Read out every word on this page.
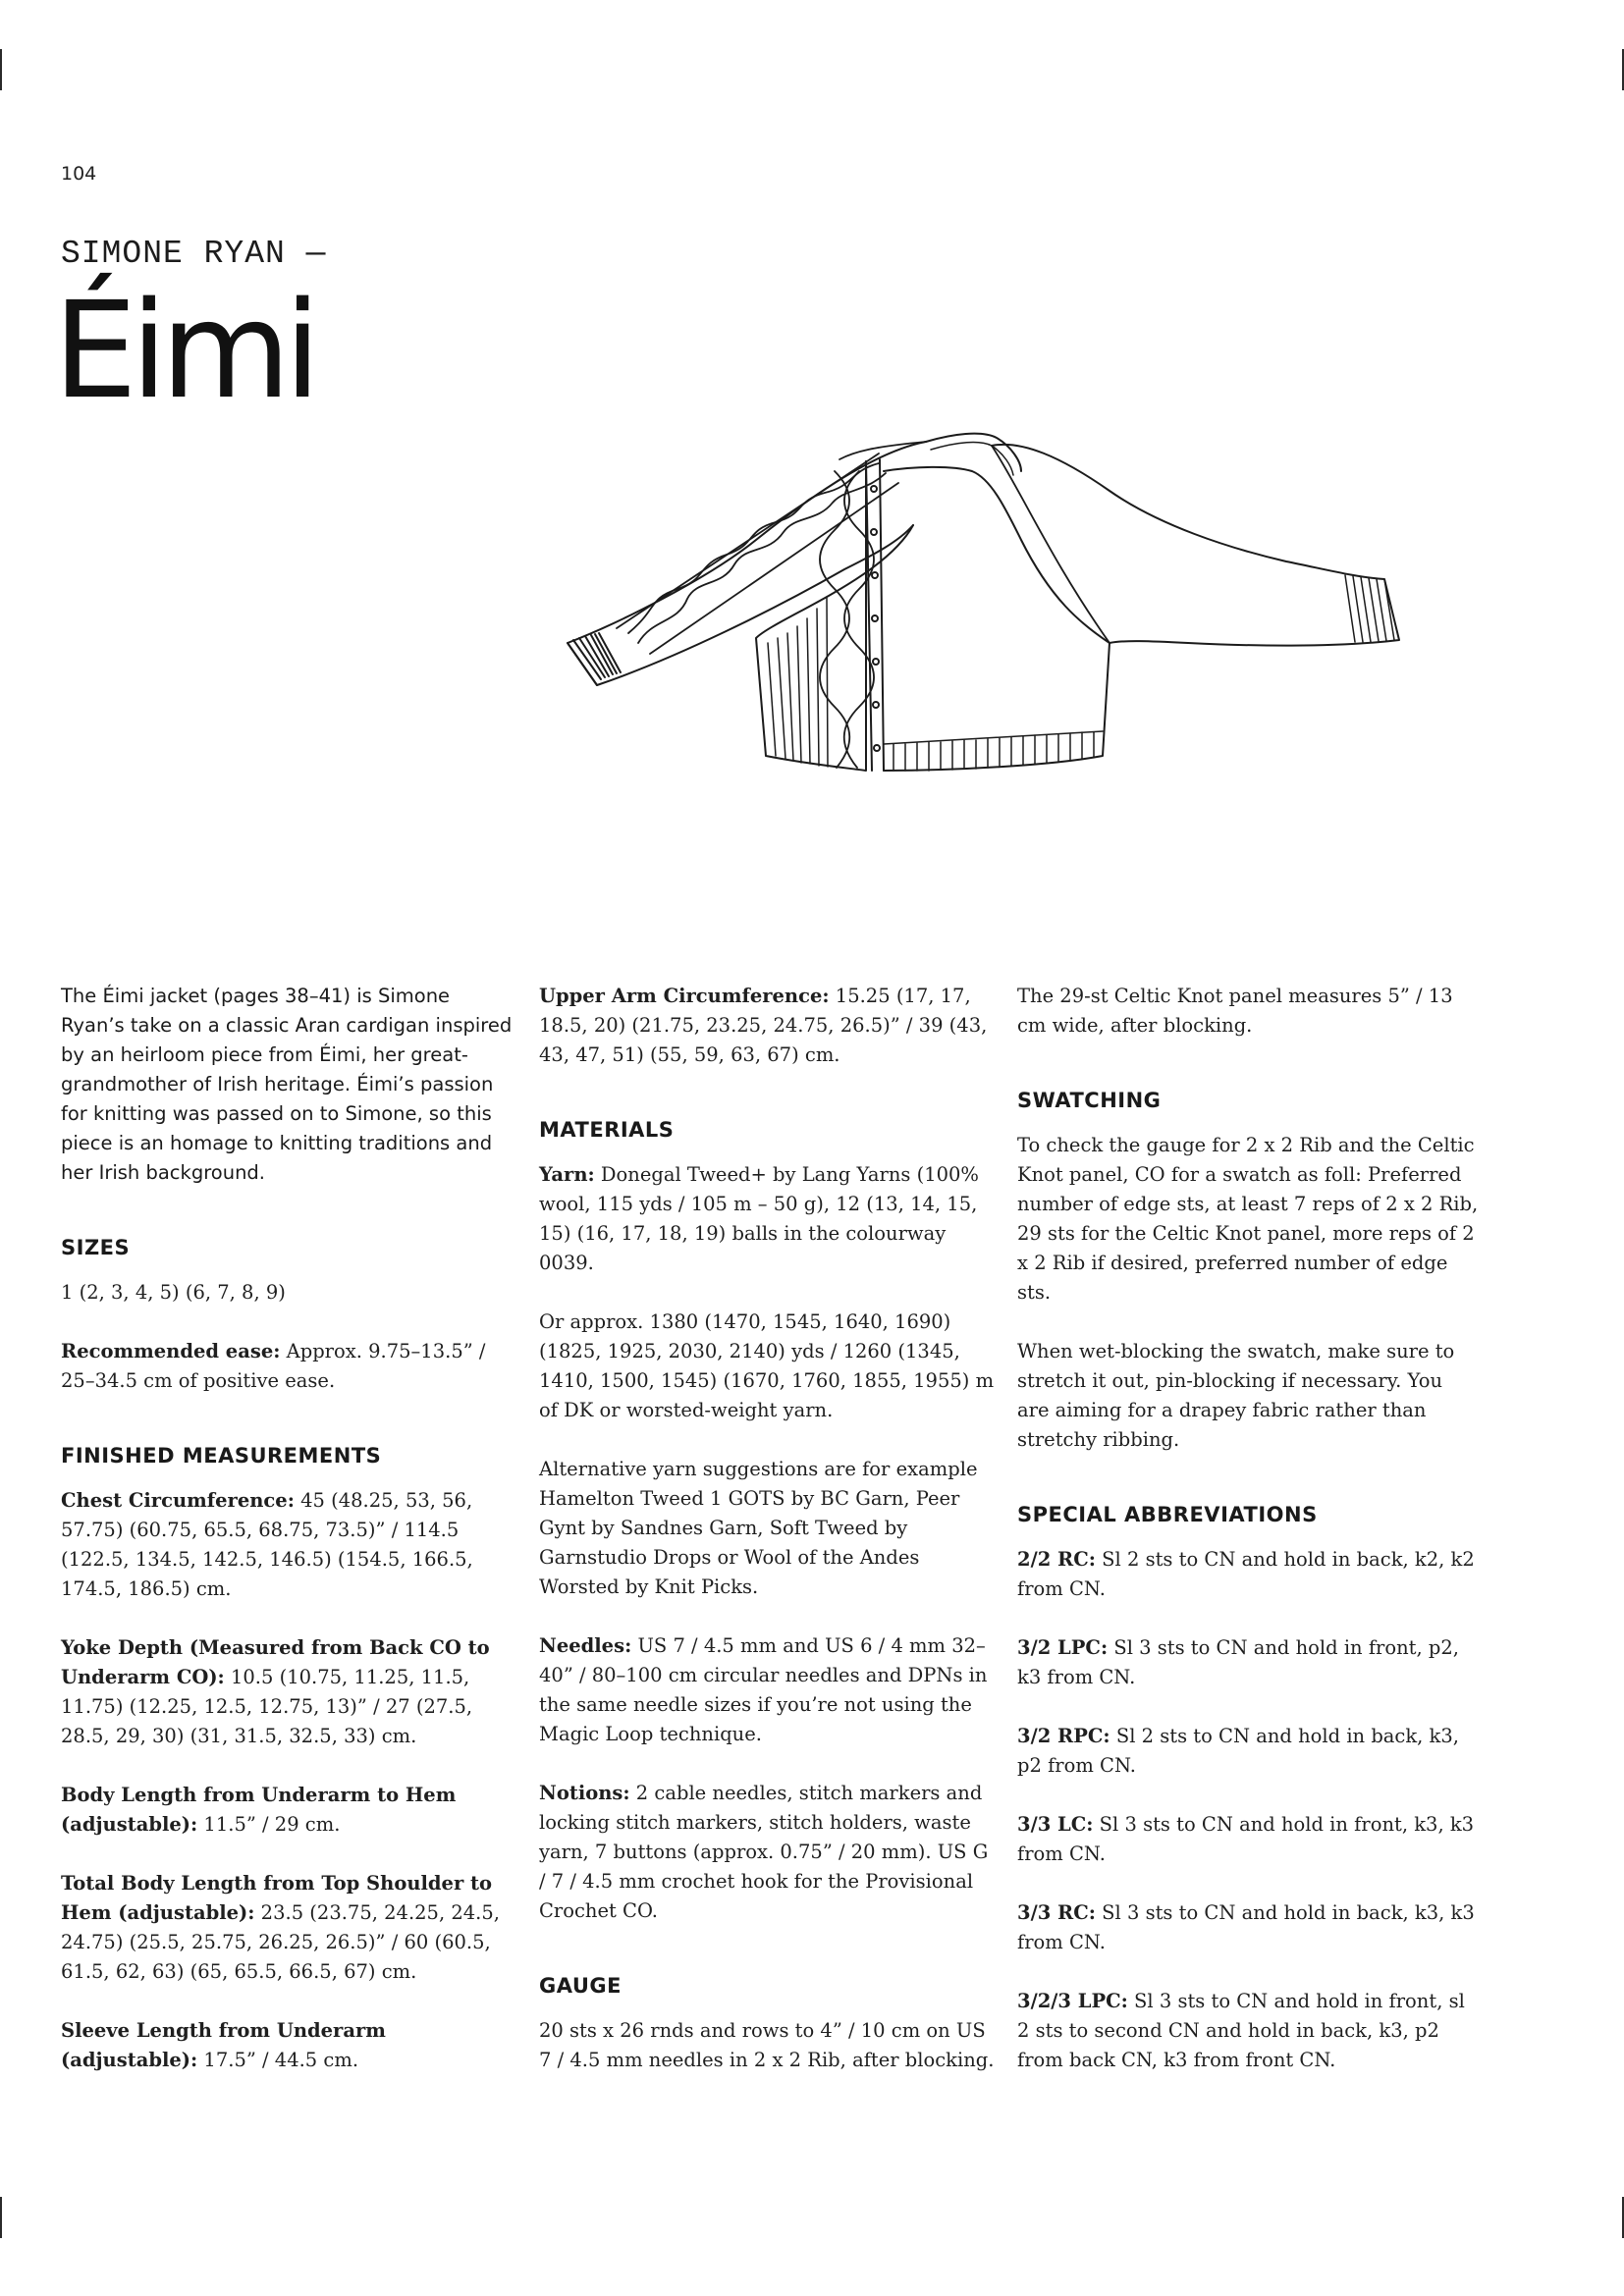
104
SIMONE RYAN —
Éimi

The Éimi jacket (pages 38–41) is Simone Ryan’s take on a classic Aran cardigan inspired by an heirloom piece from Éimi, her great-grandmother of Irish heritage. Éimi’s passion for knitting was passed on to Simone, so this piece is an homage to knitting traditions and her Irish background.

SIZES

1 (2, 3, 4, 5) (6, 7, 8, 9)

Recommended ease: Approx. 9.75–13.5” / 25–34.5 cm of positive ease.

FINISHED MEASUREMENTS

Chest Circumference: 45 (48.25, 53, 56, 57.75) (60.75, 65.5, 68.75, 73.5)” / 114.5 (122.5, 134.5, 142.5, 146.5) (154.5, 166.5, 174.5, 186.5) cm.

Yoke Depth (Measured from Back CO to Underarm CO): 10.5 (10.75, 11.25, 11.5, 11.75) (12.25, 12.5, 12.75, 13)” / 27 (27.5, 28.5, 29, 30) (31, 31.5, 32.5, 33) cm.

Body Length from Underarm to Hem (adjustable): 11.5” / 29 cm.

Total Body Length from Top Shoulder to Hem (adjustable): 23.5 (23.75, 24.25, 24.5, 24.75) (25.5, 25.75, 26.25, 26.5)” / 60 (60.5, 61.5, 62, 63) (65, 65.5, 66.5, 67) cm.

Sleeve Length from Underarm (adjustable): 17.5” / 44.5 cm.

Upper Arm Circumference: 15.25 (17, 17, 18.5, 20) (21.75, 23.25, 24.75, 26.5)” / 39 (43, 43, 47, 51) (55, 59, 63, 67) cm.

MATERIALS

Yarn: Donegal Tweed+ by Lang Yarns (100% wool, 115 yds / 105 m – 50 g), 12 (13, 14, 15, 15) (16, 17, 18, 19) balls in the colourway 0039.

Or approx. 1380 (1470, 1545, 1640, 1690) (1825, 1925, 2030, 2140) yds / 1260 (1345, 1410, 1500, 1545) (1670, 1760, 1855, 1955) m of DK or worsted-weight yarn.

Alternative yarn suggestions are for example Hamelton Tweed 1 GOTS by BC Garn, Peer Gynt by Sandnes Garn, Soft Tweed by Garnstudio Drops or Wool of the Andes Worsted by Knit Picks.

Needles: US 7 / 4.5 mm and US 6 / 4 mm 32–40” / 80–100 cm circular needles and DPNs in the same needle sizes if you’re not using the Magic Loop technique.

Notions: 2 cable needles, stitch markers and locking stitch markers, stitch holders, waste yarn, 7 buttons (approx. 0.75” / 20 mm). US G / 7 / 4.5 mm crochet hook for the Provisional Crochet CO.

GAUGE

20 sts x 26 rnds and rows to 4” / 10 cm on US 7 / 4.5 mm needles in 2 x 2 Rib, after blocking.

The 29-st Celtic Knot panel measures 5” / 13 cm wide, after blocking.

SWATCHING

To check the gauge for 2 x 2 Rib and the Celtic Knot panel, CO for a swatch as foll: Preferred number of edge sts, at least 7 reps of 2 x 2 Rib, 29 sts for the Celtic Knot panel, more reps of 2 x 2 Rib if desired, preferred number of edge sts.

When wet-blocking the swatch, make sure to stretch it out, pin-blocking if necessary. You are aiming for a drapey fabric rather than stretchy ribbing.

SPECIAL ABBREVIATIONS

2/2 RC: Sl 2 sts to CN and hold in back, k2, k2 from CN.

3/2 LPC: Sl 3 sts to CN and hold in front, p2, k3 from CN.

3/2 RPC: Sl 2 sts to CN and hold in back, k3, p2 from CN.

3/3 LC: Sl 3 sts to CN and hold in front, k3, k3 from CN.

3/3 RC: Sl 3 sts to CN and hold in back, k3, k3 from CN.

3/2/3 LPC: Sl 3 sts to CN and hold in front, sl 2 sts to second CN and hold in back, k3, p2 from back CN, k3 from front CN.
